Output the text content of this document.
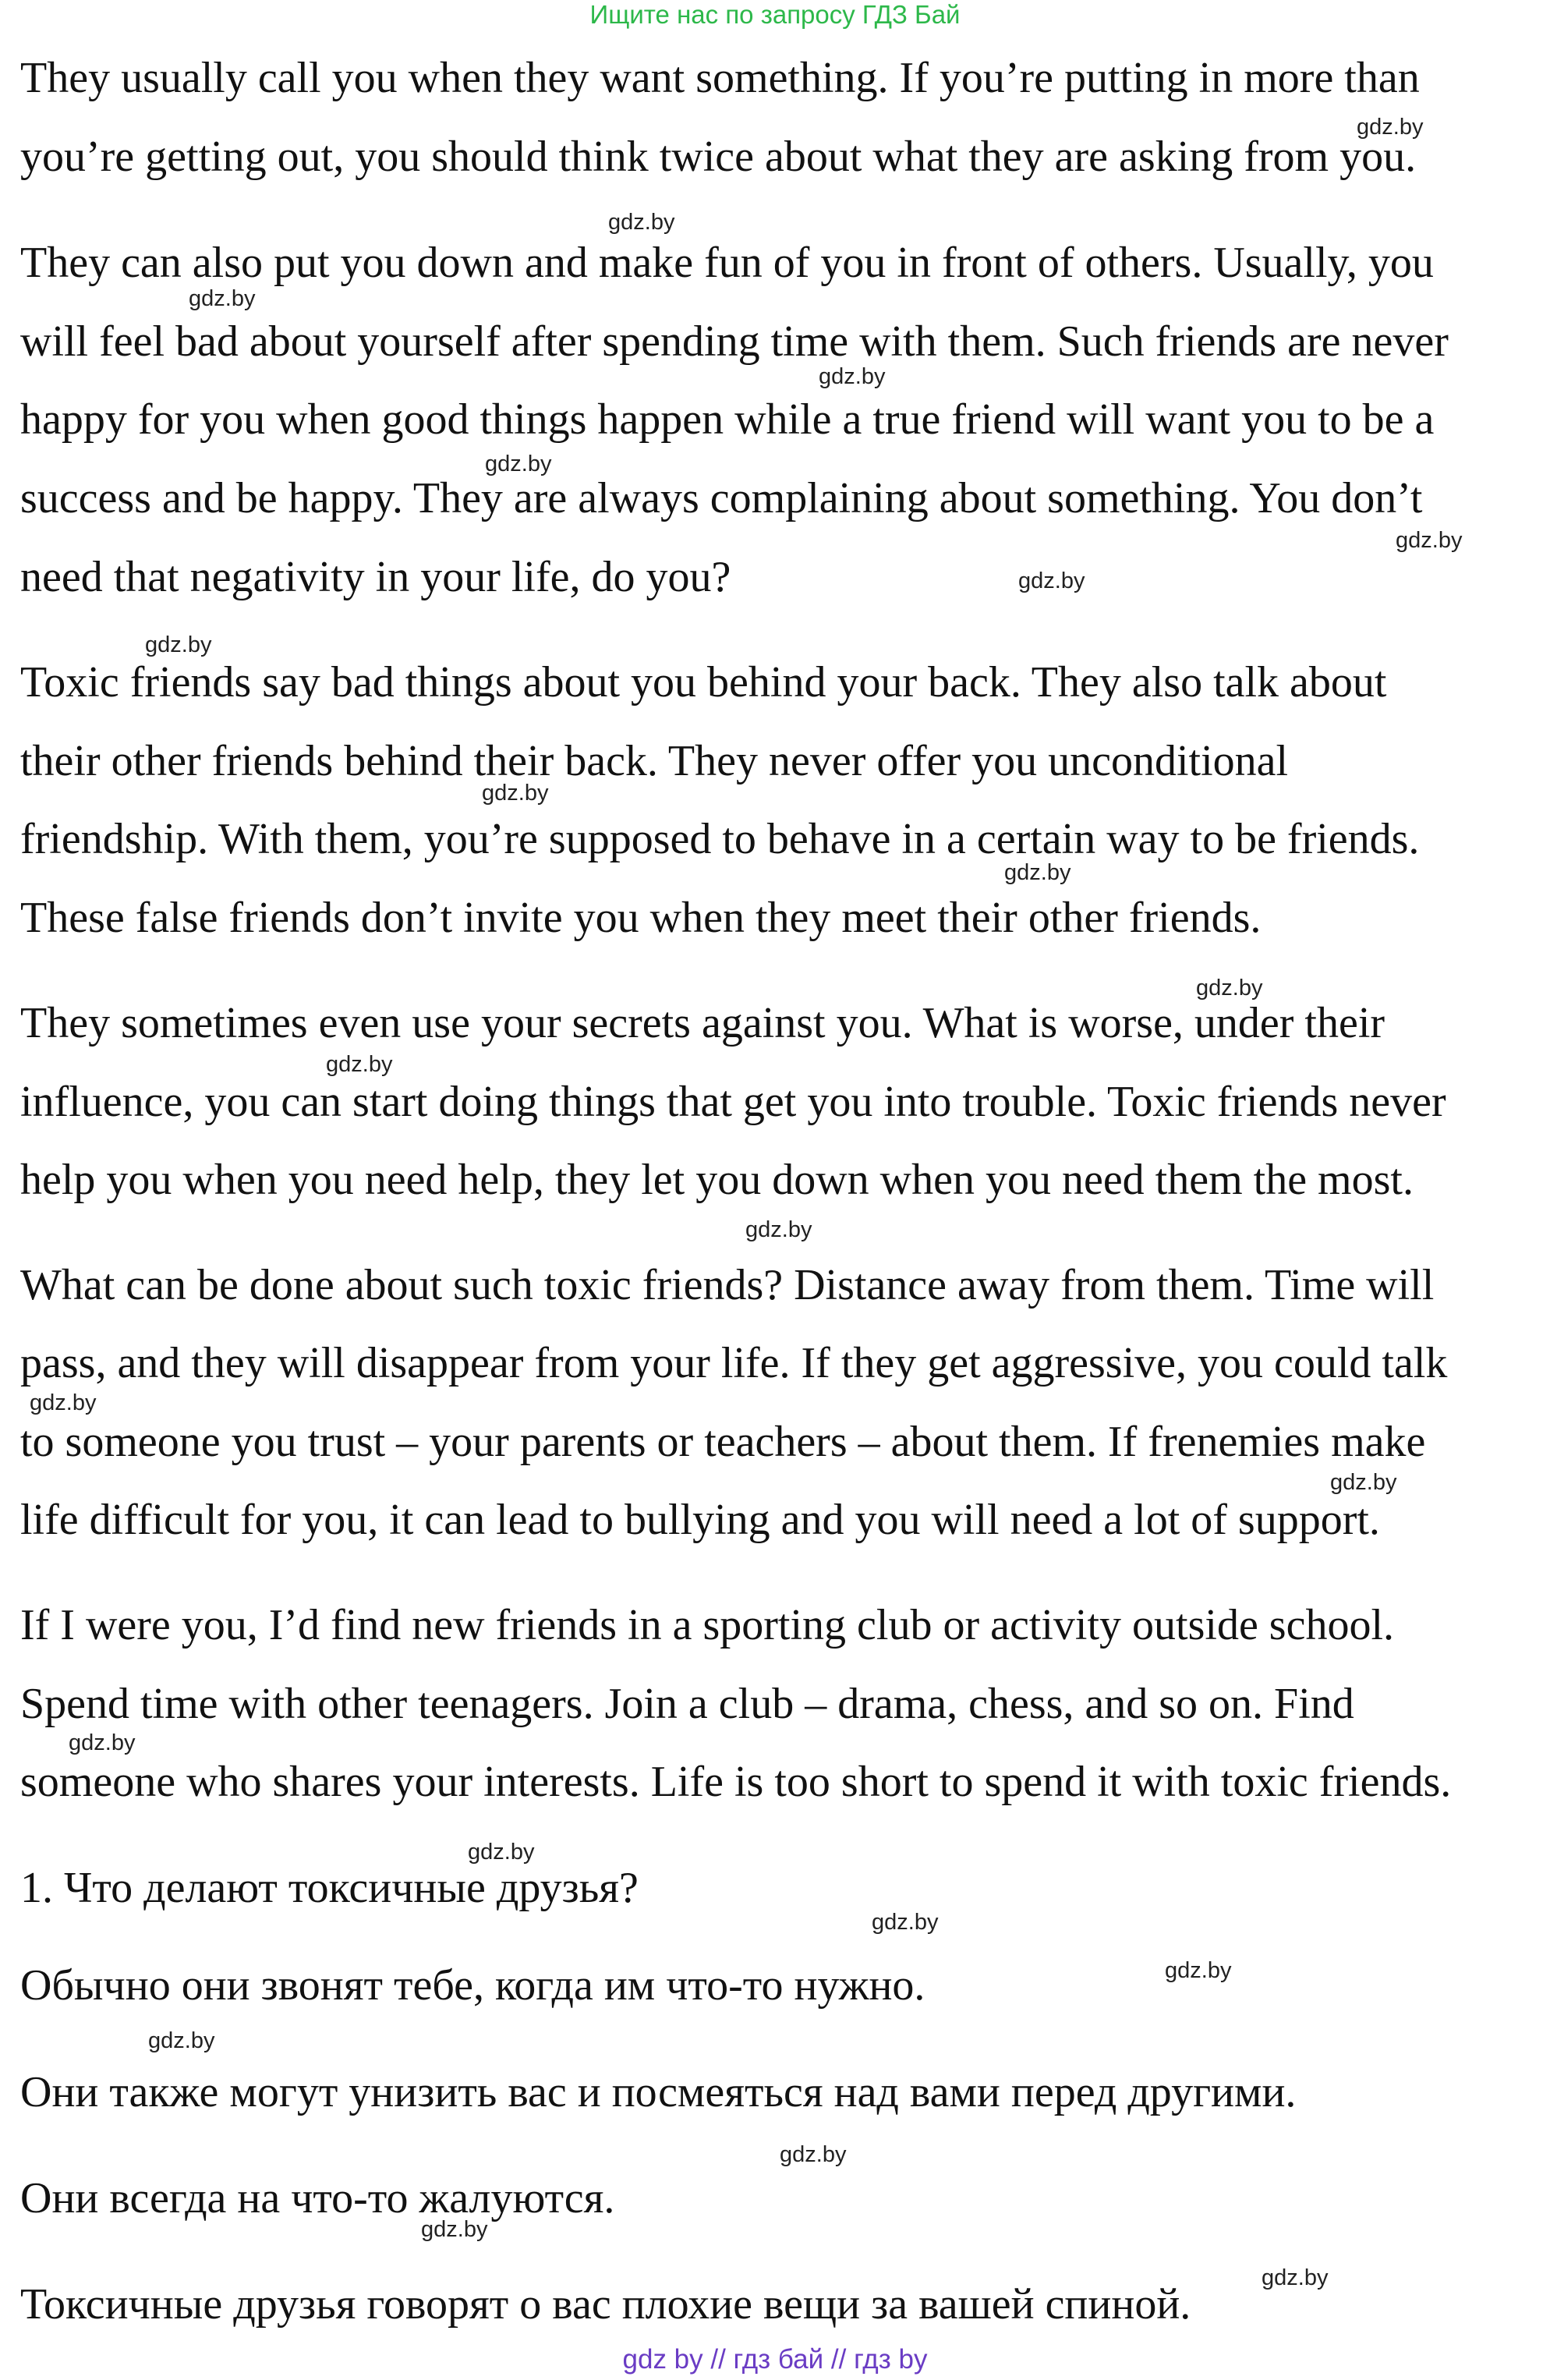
Ищите нас по запросу ГДЗ Бай

They usually call you when they want something. If you’re putting in more than

you’re getting out, you should think twice about what they are asking from you.

They can also put you down and make fun of you in front of others. Usually, you

will feel bad about yourself after spending time with them. Such friends are never

happy for you when good things happen while a true friend will want you to be a

success and be happy. They are always complaining about something. You don’t

need that negativity in your life, do you?

Toxic friends say bad things about you behind your back. They also talk about

their other friends behind their back. They never offer you unconditional

friendship. With them, you’re supposed to behave in a certain way to be friends.

These false friends don’t invite you when they meet their other friends.

They sometimes even use your secrets against you. What is worse, under their

influence, you can start doing things that get you into trouble. Toxic friends never

help you when you need help, they let you down when you need them the most.

What can be done about such toxic friends? Distance away from them. Time will

pass, and they will disappear from your life. If they get aggressive, you could talk

to someone you trust – your parents or teachers – about them. If frenemies make

life difficult for you, it can lead to bullying and you will need a lot of support.

If I were you, I’d find new friends in a sporting club or activity outside school.

Spend time with other teenagers. Join a club – drama, chess, and so on. Find

someone who shares your interests. Life is too short to spend it with toxic friends.

1. Что делают токсичные друзья?

Обычно они звонят тебе, когда им что-то нужно.

Они также могут унизить вас и посмеяться над вами перед другими.

Они всегда на что-то жалуются.

Токсичные друзья говорят о вас плохие вещи за вашей спиной.

gdz.by
gdz.by
gdz.by
gdz.by
gdz.by
gdz.by
gdz.by
gdz.by
gdz.by
gdz.by
gdz.by
gdz.by
gdz.by
gdz.by
gdz.by
gdz.by
gdz.by
gdz.by
gdz.by
gdz.by
gdz.by
gdz.by
gdz.by
gdz by // гдз бай // гдз by
